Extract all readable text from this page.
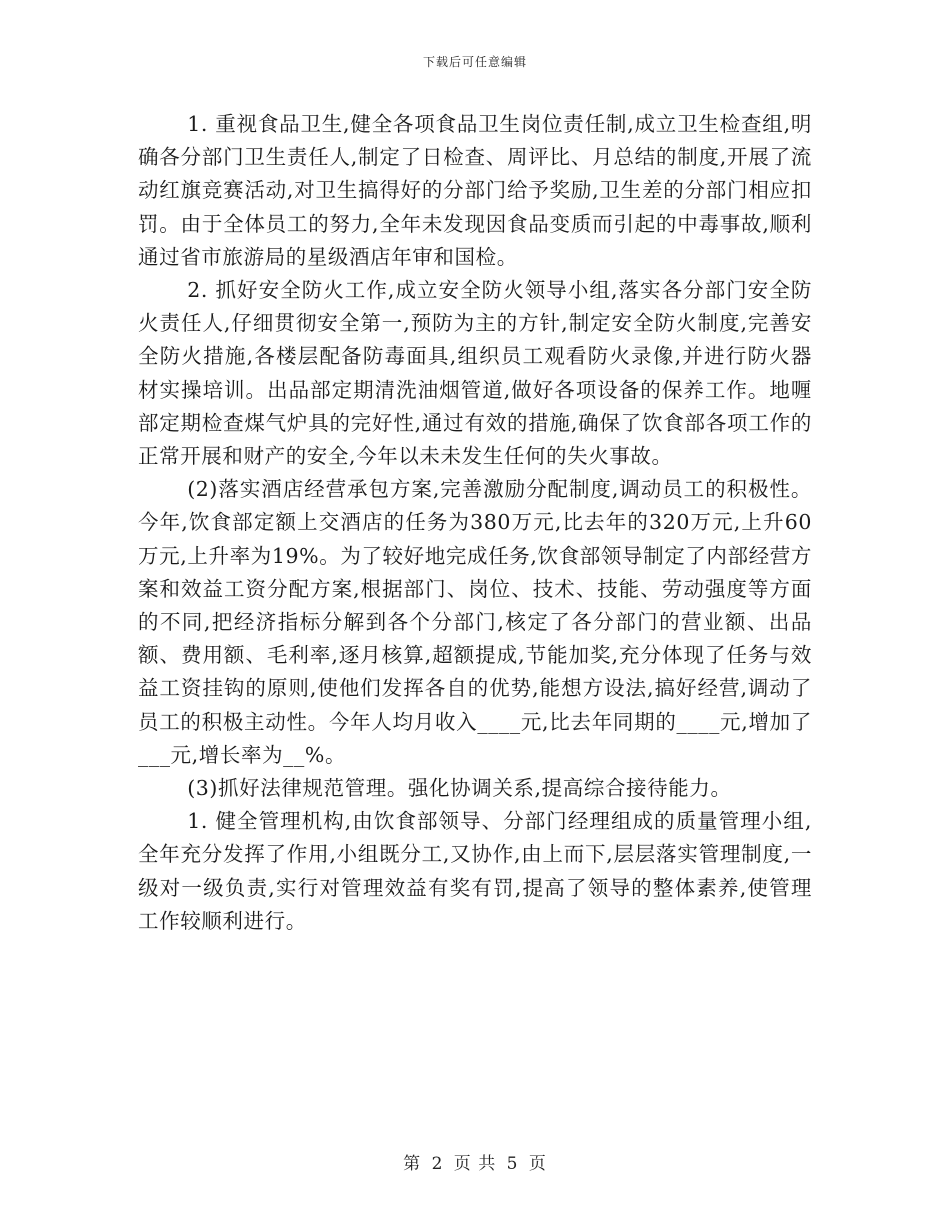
下载后可任意编辑

1. 重视食品卫生,健全各项食品卫生岗位责任制,成立卫生检查组,明确各分部门卫生责任人,制定了日检查、周评比、月总结的制度,开展了流动红旗竞赛活动,对卫生搞得好的分部门给予奖励,卫生差的分部门相应扣罚。由于全体员工的努力,全年未发现因食品变质而引起的中毒事故,顺利通过省市旅游局的星级酒店年审和国检。

2. 抓好安全防火工作,成立安全防火领导小组,落实各分部门安全防火责任人,仔细贯彻安全第一,预防为主的方针,制定安全防火制度,完善安全防火措施,各楼层配备防毒面具,组织员工观看防火录像,并进行防火器材实操培训。出品部定期清洗油烟管道,做好各项设备的保养工作。地喱部定期检查煤气炉具的完好性,通过有效的措施,确保了饮食部各项工作的正常开展和财产的安全,今年以未未发生任何的失火事故。

(2)落实酒店经营承包方案,完善激励分配制度,调动员工的积极性。今年,饮食部定额上交酒店的任务为380万元,比去年的320万元,上升60万元,上升率为19%。为了较好地完成任务,饮食部领导制定了内部经营方案和效益工资分配方案,根据部门、岗位、技术、技能、劳动强度等方面的不同,把经济指标分解到各个分部门,核定了各分部门的营业额、出品额、费用额、毛利率,逐月核算,超额提成,节能加奖,充分体现了任务与效益工资挂钩的原则,使他们发挥各自的优势,能想方设法,搞好经营,调动了员工的积极主动性。今年人均月收入____元,比去年同期的____元,增加了___元,增长率为__%。

(3)抓好法律规范管理。强化协调关系,提高综合接待能力。

1. 健全管理机构,由饮食部领导、分部门经理组成的质量管理小组,全年充分发挥了作用,小组既分工,又协作,由上而下,层层落实管理制度,一级对一级负责,实行对管理效益有奖有罚,提高了领导的整体素养,使管理工作较顺利进行。

第 2 页 共 5 页
